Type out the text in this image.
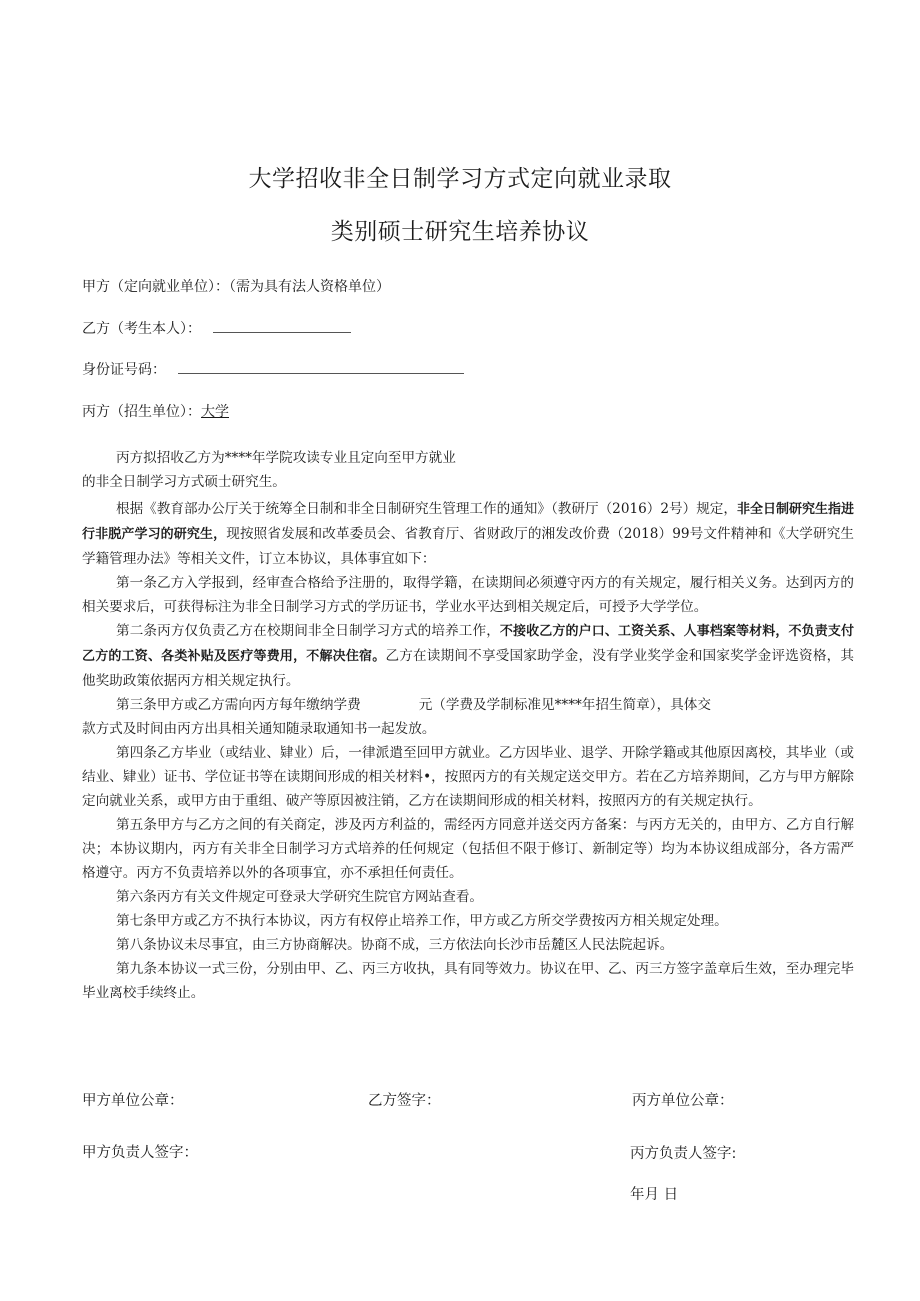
大学招收非全日制学习方式定向就业录取
类别硕士研究生培养协议
甲方（定向就业单位）：（需为具有法人资格单位）
乙方（考生本人）：
身份证号码：
丙方（招生单位）：大学

丙方拟招收乙方为****年学院攻读专业且定向至甲方就业

的非全日制学习方式硕士研究生。

根据《教育部办公厅关于统筹全日制和非全日制研究生管理工作的通知》（教研厅（2016）2号）规定，非全日制研究生指进行非脱产学习的研究生，现按照省发展和改革委员会、省教育厅、省财政厅的湘发改价费（2018）99号文件精神和《大学研究生学籍管理办法》等相关文件，订立本协议，具体事宜如下：

第一条乙方入学报到，经审查合格给予注册的，取得学籍，在读期间必须遵守丙方的有关规定，履行相关义务。达到丙方的相关要求后，可获得标注为非全日制学习方式的学历证书，学业水平达到相关规定后，可授予大学学位。

第二条丙方仅负责乙方在校期间非全日制学习方式的培养工作，不接收乙方的户口、工资关系、人事档案等材料，不负责支付乙方的工资、各类补贴及医疗等费用，不解决住宿。乙方在读期间不享受国家助学金，没有学业奖学金和国家奖学金评选资格，其他奖助政策依据丙方相关规定执行。

第三条甲方或乙方需向丙方每年缴纳学费	元（学费及学制标准见****年招生简章），具体交
款方式及时间由丙方出具相关通知随录取通知书一起发放。

第四条乙方毕业（或结业、肄业）后，一律派遣至回甲方就业。乙方因毕业、退学、开除学籍或其他原因离校，其毕业（或结业、肄业）证书、学位证书等在读期间形成的相关材料•，按照丙方的有关规定送交甲方。若在乙方培养期间，乙方与甲方解除定向就业关系，或甲方由于重组、破产等原因被注销，乙方在读期间形成的相关材料，按照丙方的有关规定执行。

第五条甲方与乙方之间的有关商定，涉及丙方利益的，需经丙方同意并送交丙方备案：与丙方无关的，由甲方、乙方自行解决；本协议期内，丙方有关非全日制学习方式培养的任何规定（包括但不限于修订、新制定等）均为本协议组成部分，各方需严格遵守。丙方不负责培养以外的各项事宜，亦不承担任何责任。

第六条丙方有关文件规定可登录大学研究生院官方网站查看。

第七条甲方或乙方不执行本协议，丙方有权停止培养工作，甲方或乙方所交学费按丙方相关规定处理。

第八条协议未尽事宜，由三方协商解决。协商不成，三方依法向长沙市岳麓区人民法院起诉。

第九条本协议一式三份，分别由甲、乙、丙三方收执，具有同等效力。协议在甲、乙、丙三方签字盖章后生效，至办理完毕毕业离校手续终止。

甲方单位公章：	乙方签字：	丙方单位公章：
甲方负责人签字：	丙方负责人签字:
年月 日
